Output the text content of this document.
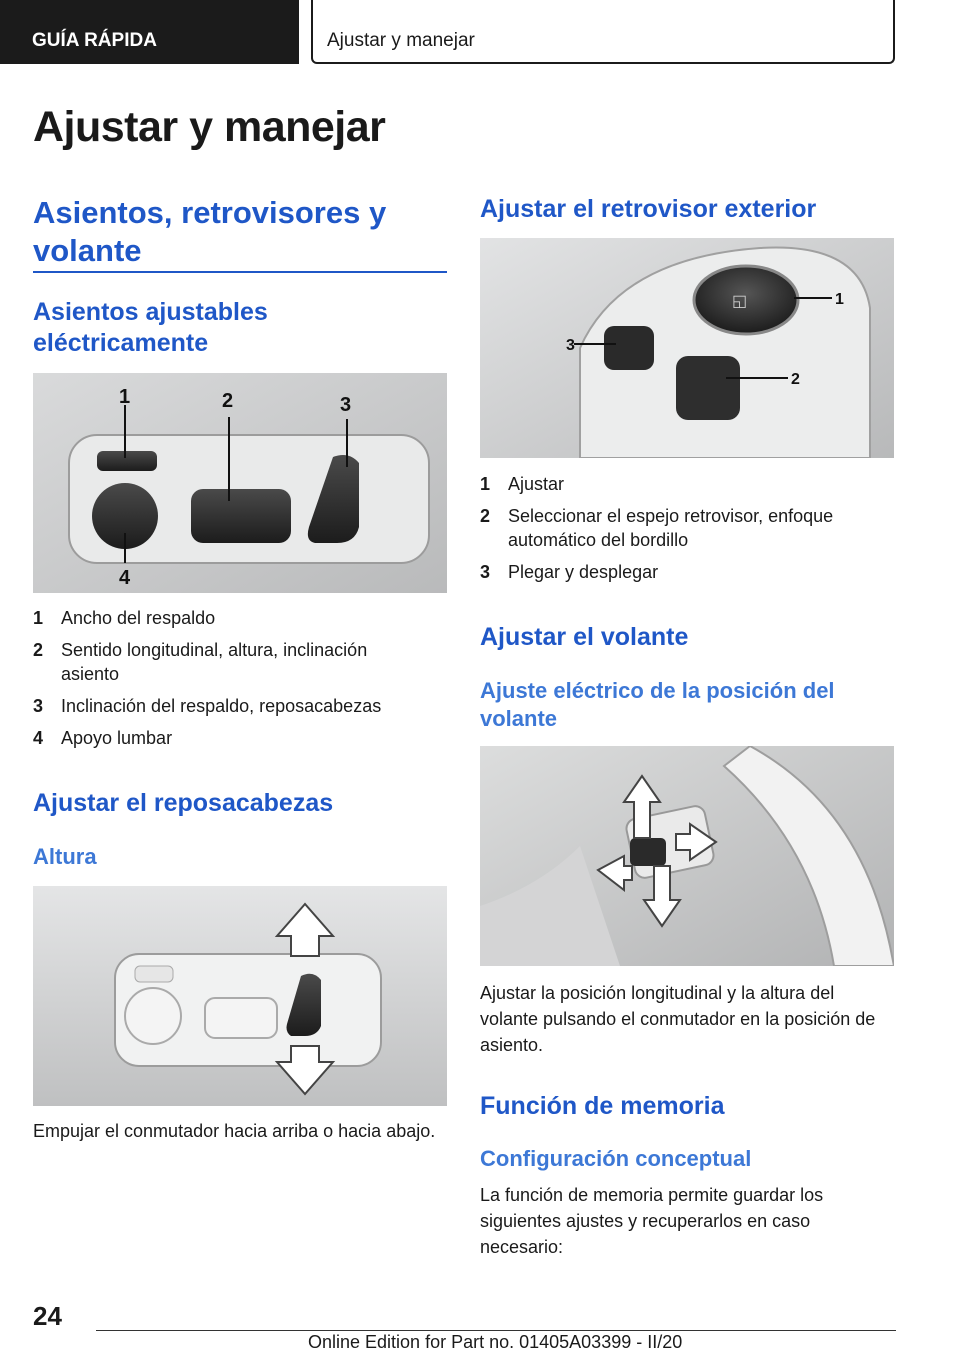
GUÍA RÁPIDA	Ajustar y manejar
Ajustar y manejar
Asientos, retrovisores y volante
Asientos ajustables eléctricamente
1	2	3
4
1 Ancho del respaldo
2 Sentido longitudinal, altura, inclinación asiento
3 Inclinación del respaldo, reposacabezas
4 Apoyo lumbar
Ajustar el reposacabezas
Altura

Empujar el conmutador hacia arriba o hacia abajo.

Ajustar el retrovisor exterior
◱
3
1
2
1 Ajustar
2 Seleccionar el espejo retrovisor, enfoque automático del bordillo
3 Plegar y desplegar
Ajustar el volante
Ajuste eléctrico de la posición del volante

Ajustar la posición longitudinal y la altura del volante pulsando el conmutador en la posición de asiento.

Función de memoria
Configuración conceptual

La función de memoria permite guardar los siguientes ajustes y recuperarlos en caso necesario:

24

Online Edition for Part no. 01405A03399 - II/20
